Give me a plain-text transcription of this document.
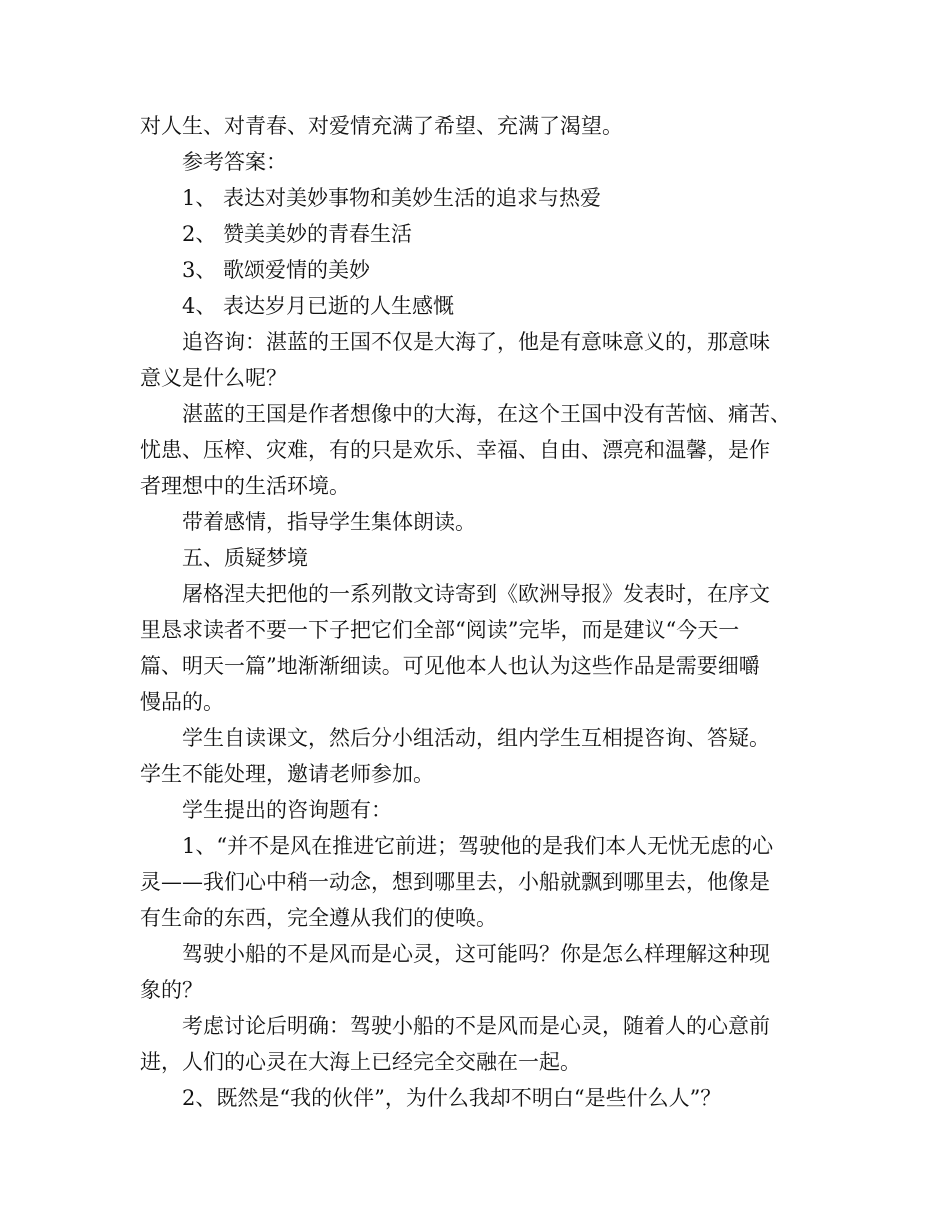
对人生、对青春、对爱情充满了希望、充满了渴望。
参考答案：
1、 表达对美妙事物和美妙生活的追求与热爱
2、 赞美美妙的青春生活
3、 歌颂爱情的美妙
4、 表达岁月已逝的人生感慨
追咨询：湛蓝的王国不仅是大海了，他是有意味意义的，那意味
意义是什么呢？
湛蓝的王国是作者想像中的大海，在这个王国中没有苦恼、痛苦、
忧患、压榨、灾难，有的只是欢乐、幸福、自由、漂亮和温馨，是作
者理想中的生活环境。
带着感情，指导学生集体朗读。
五、质疑梦境
屠格涅夫把他的一系列散文诗寄到《欧洲导报》发表时，在序文
里恳求读者不要一下子把它们全部“阅读”完毕，而是建议“今天一
篇、明天一篇”地渐渐细读。可见他本人也认为这些作品是需要细嚼
慢品的。
学生自读课文，然后分小组活动，组内学生互相提咨询、答疑。
学生不能处理，邀请老师参加。
学生提出的咨询题有：
1、“并不是风在推进它前进；驾驶他的是我们本人无忧无虑的心
灵——我们心中稍一动念，想到哪里去，小船就飘到哪里去，他像是
有生命的东西，完全遵从我们的使唤。
驾驶小船的不是风而是心灵，这可能吗？你是怎么样理解这种现
象的？
考虑讨论后明确：驾驶小船的不是风而是心灵，随着人的心意前
进，人们的心灵在大海上已经完全交融在一起。
2、既然是“我的伙伴”，为什么我却不明白“是些什么人”？
